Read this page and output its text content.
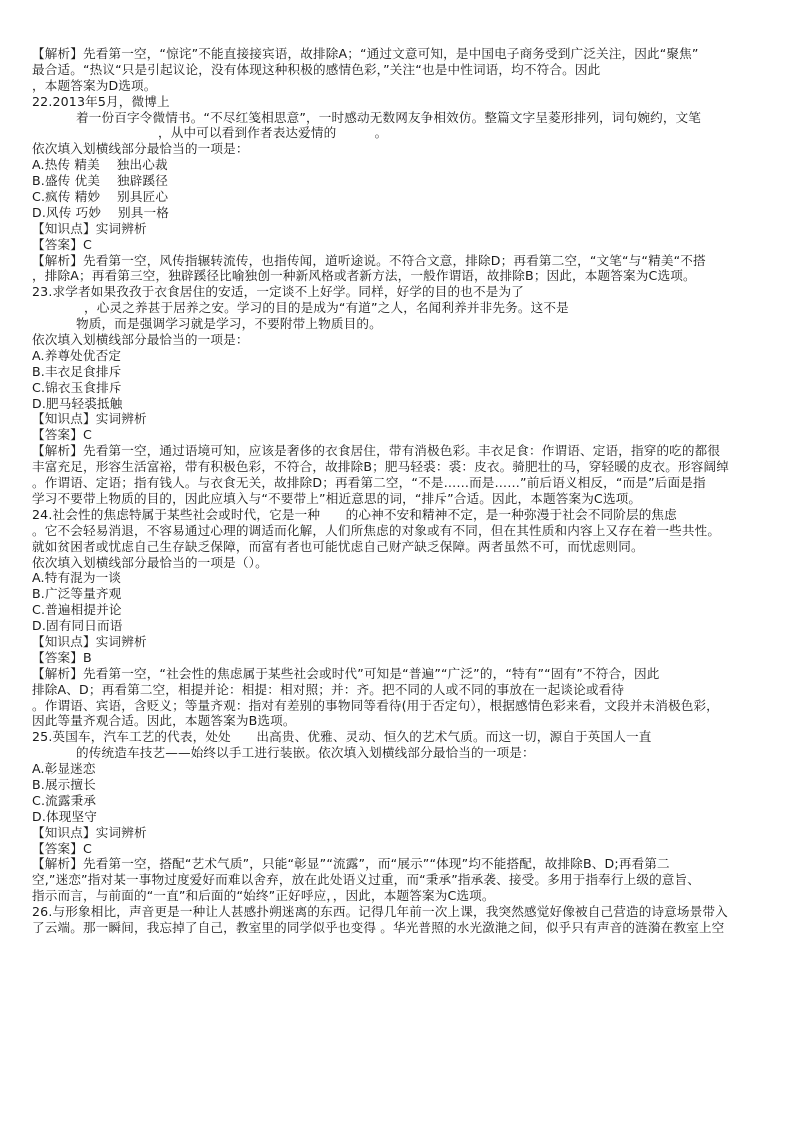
【解析】先看第一空，“惊诧”不能直接接宾语，故排除A；“通过文意可知，是中国电子商务受到广泛关注，因此“聚焦”
最合适。“热议“只是引起议论，没有体现这种积极的感情色彩，”关注“也是中性词语，均不符合。因此
，本题答案为D选项。
22.2013年5月，微博上
着一份百字令微情书。“不尽红笺相思意”，一时感动无数网友争相效仿。整篇文字呈菱形排列，词句婉约，文笔
，从中可以看到作者表达爱情的　　　。
依次填入划横线部分最恰当的一项是：
A.热传 精美　 独出心裁
B.盛传 优美　 独辟蹊径
C.疯传 精妙　 别具匠心
D.风传 巧妙　 别具一格
【知识点】实词辨析
【答案】C
【解析】先看第一空，风传指辗转流传，也指传闻，道听途说。不符合文意，排除D；再看第二空，“文笔“与“精美“不搭
，排除A；再看第三空，独辟蹊径比喻独创一种新风格或者新方法，一般作谓语，故排除B；因此，本题答案为C选项。
23.求学者如果孜孜于衣食居住的安适，一定谈不上好学。同样，好学的目的也不是为了
，心灵之养甚于居养之安。学习的目的是成为“有道”之人，名闻利养并非先务。这不是
物质，而是强调学习就是学习，不要附带上物质目的。
依次填入划横线部分最恰当的一项是：
A.养尊处优否定
B.丰衣足食排斥
C.锦衣玉食排斥
D.肥马轻裘抵触
【知识点】实词辨析
【答案】C
【解析】先看第一空，通过语境可知，应该是奢侈的衣食居住，带有消极色彩。丰衣足食：作谓语、定语，指穿的吃的都很
丰富充足，形容生活富裕，带有积极色彩，不符合，故排除B；肥马轻裘：裘：皮衣。骑肥壮的马，穿轻暖的皮衣。形容阔绰
。作谓语、定语；指有钱人。与衣食无关，故排除D；再看第二空，“不是……而是……”前后语义相反，“而是”后面是指
学习不要带上物质的目的，因此应填入与“不要带上”相近意思的词，“排斥”合适。因此，本题答案为C选项。
24.社会性的焦虑特属于某些社会或时代，它是一种　　的心神不安和精神不定，是一种弥漫于社会不同阶层的焦虑
。它不会轻易消退，不容易通过心理的调适而化解，人们所焦虑的对象或有不同，但在其性质和内容上又存在着一些共性。
就如贫困者或忧虑自己生存缺乏保障，而富有者也可能忧虑自己财产缺乏保障。两者虽然不可，而忧虑则同。
依次填入划横线部分最恰当的一项是（）。
A.特有混为一谈
B.广泛等量齐观
C.普遍相提并论
D.固有同日而语
【知识点】实词辨析
【答案】B
【解析】先看第一空，“社会性的焦虑属于某些社会或时代”可知是“普遍”“广泛”的，“特有”“固有”不符合，因此
排除A、D；再看第二空，相提并论：相提：相对照；并：齐。把不同的人或不同的事放在一起谈论或看待
。作谓语、宾语，含贬义；等量齐观：指对有差别的事物同等看待(用于否定句），根据感情色彩来看，文段并未消极色彩，
因此等量齐观合适。因此，本题答案为B选项。
25.英国车，汽车工艺的代表，处处　　出高贵、优雅、灵动、恒久的艺术气质。而这一切，源自于英国人一直
的传统造车技艺——始终以手工进行装嵌。依次填入划横线部分最恰当的一项是：
A.彰显迷恋
B.展示擅长
C.流露秉承
D.体现坚守
【知识点】实词辨析
【答案】C
【解析】先看第一空，搭配“艺术气质”，只能“彰显”“流露”，而“展示”“体现”均不能搭配，故排除B、D;再看第二
空,”迷恋”指对某一事物过度爱好而难以舍弃，放在此处语义过重，而“秉承”指承袭、接受。多用于指奉行上级的意旨、
指示而言，与前面的“一直”和后面的“始终”正好呼应，，因此，本题答案为C选项。
26.与形象相比，声音更是一种让人甚感扑朔迷离的东西。记得几年前一次上课，我突然感觉好像被自己营造的诗意场景带入
了云端。那一瞬间，我忘掉了自己，教室里的同学似乎也变得 。华光普照的水光潋滟之间，似乎只有声音的涟漪在教室上空
